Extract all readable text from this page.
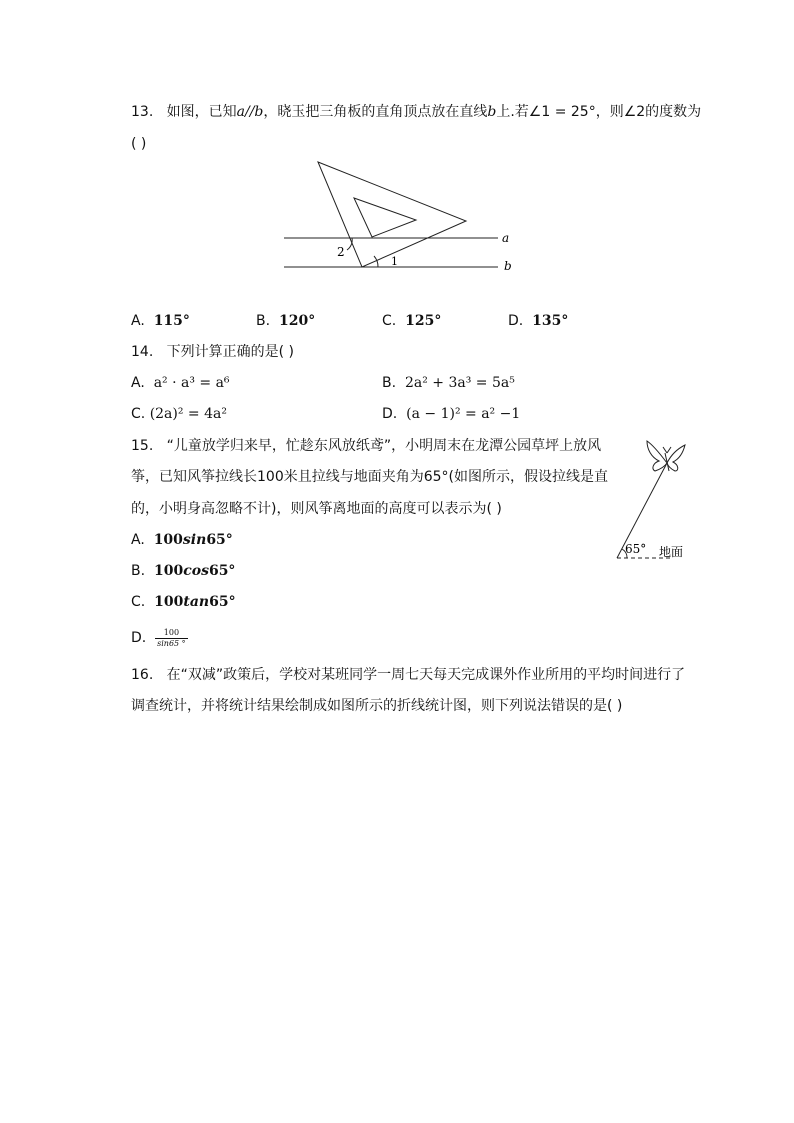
13. 如图，已知a//b，晓玉把三角板的直角顶点放在直线b上.若∠1 = 25°，则∠2的度数为
( )
a
b
1
2
A. 115°	B. 120°	C. 125°	D. 135°
14. 下列计算正确的是( )
A. a² · a³ = a⁶	B. 2a² + 3a³ = 5a⁵
C. (2a)² = 4a²	D. (a − 1)² = a² −1
15. “儿童放学归来早，忙趁东风放纸鸢”，小明周末在龙潭公园草坪上放风
筝，已知风筝拉线长100米且拉线与地面夹角为65°(如图所示，假设拉线是直
的，小明身高忽略不计)，则风筝离地面的高度可以表示为( )
65° 地面
A. 100sin65°
B. 100cos65°
C. 100tan65°
D. $\frac{100}{\sin 65 ^\circ}$
16. 在“双减”政策后，学校对某班同学一周七天每天完成课外作业所用的平均时间进行了
调查统计，并将统计结果绘制成如图所示的折线统计图，则下列说法错误的是( )
